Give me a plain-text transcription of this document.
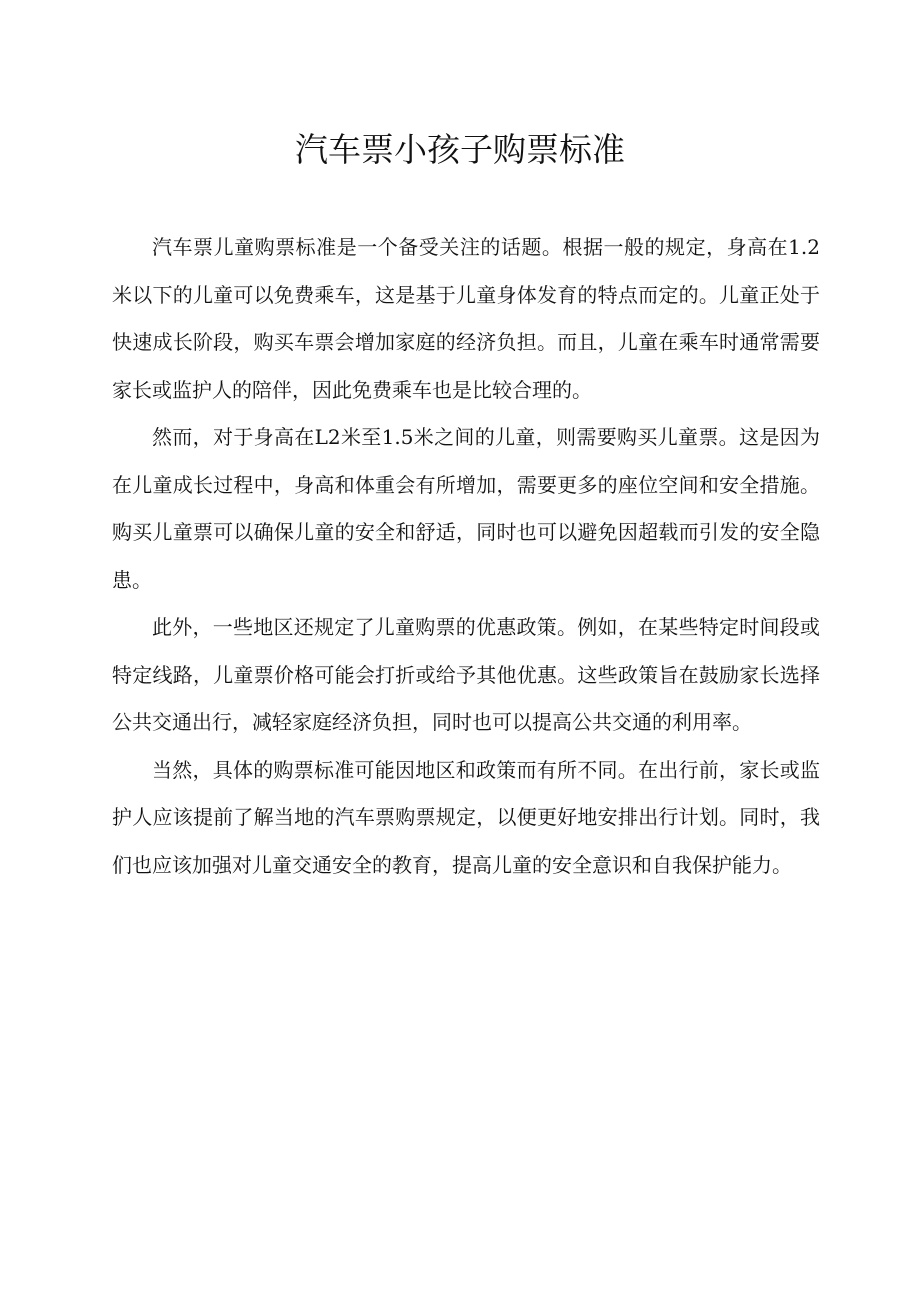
汽车票小孩子购票标准

汽车票儿童购票标准是一个备受关注的话题。根据一般的规定，身高在1.2米以下的儿童可以免费乘车，这是基于儿童身体发育的特点而定的。儿童正处于快速成长阶段，购买车票会增加家庭的经济负担。而且，儿童在乘车时通常需要家长或监护人的陪伴，因此免费乘车也是比较合理的。

然而，对于身高在L2米至1.5米之间的儿童，则需要购买儿童票。这是因为在儿童成长过程中，身高和体重会有所增加，需要更多的座位空间和安全措施。购买儿童票可以确保儿童的安全和舒适，同时也可以避免因超载而引发的安全隐患。

此外，一些地区还规定了儿童购票的优惠政策。例如，在某些特定时间段或特定线路，儿童票价格可能会打折或给予其他优惠。这些政策旨在鼓励家长选择公共交通出行，减轻家庭经济负担，同时也可以提高公共交通的利用率。

当然，具体的购票标准可能因地区和政策而有所不同。在出行前，家长或监护人应该提前了解当地的汽车票购票规定，以便更好地安排出行计划。同时，我们也应该加强对儿童交通安全的教育，提高儿童的安全意识和自我保护能力。
